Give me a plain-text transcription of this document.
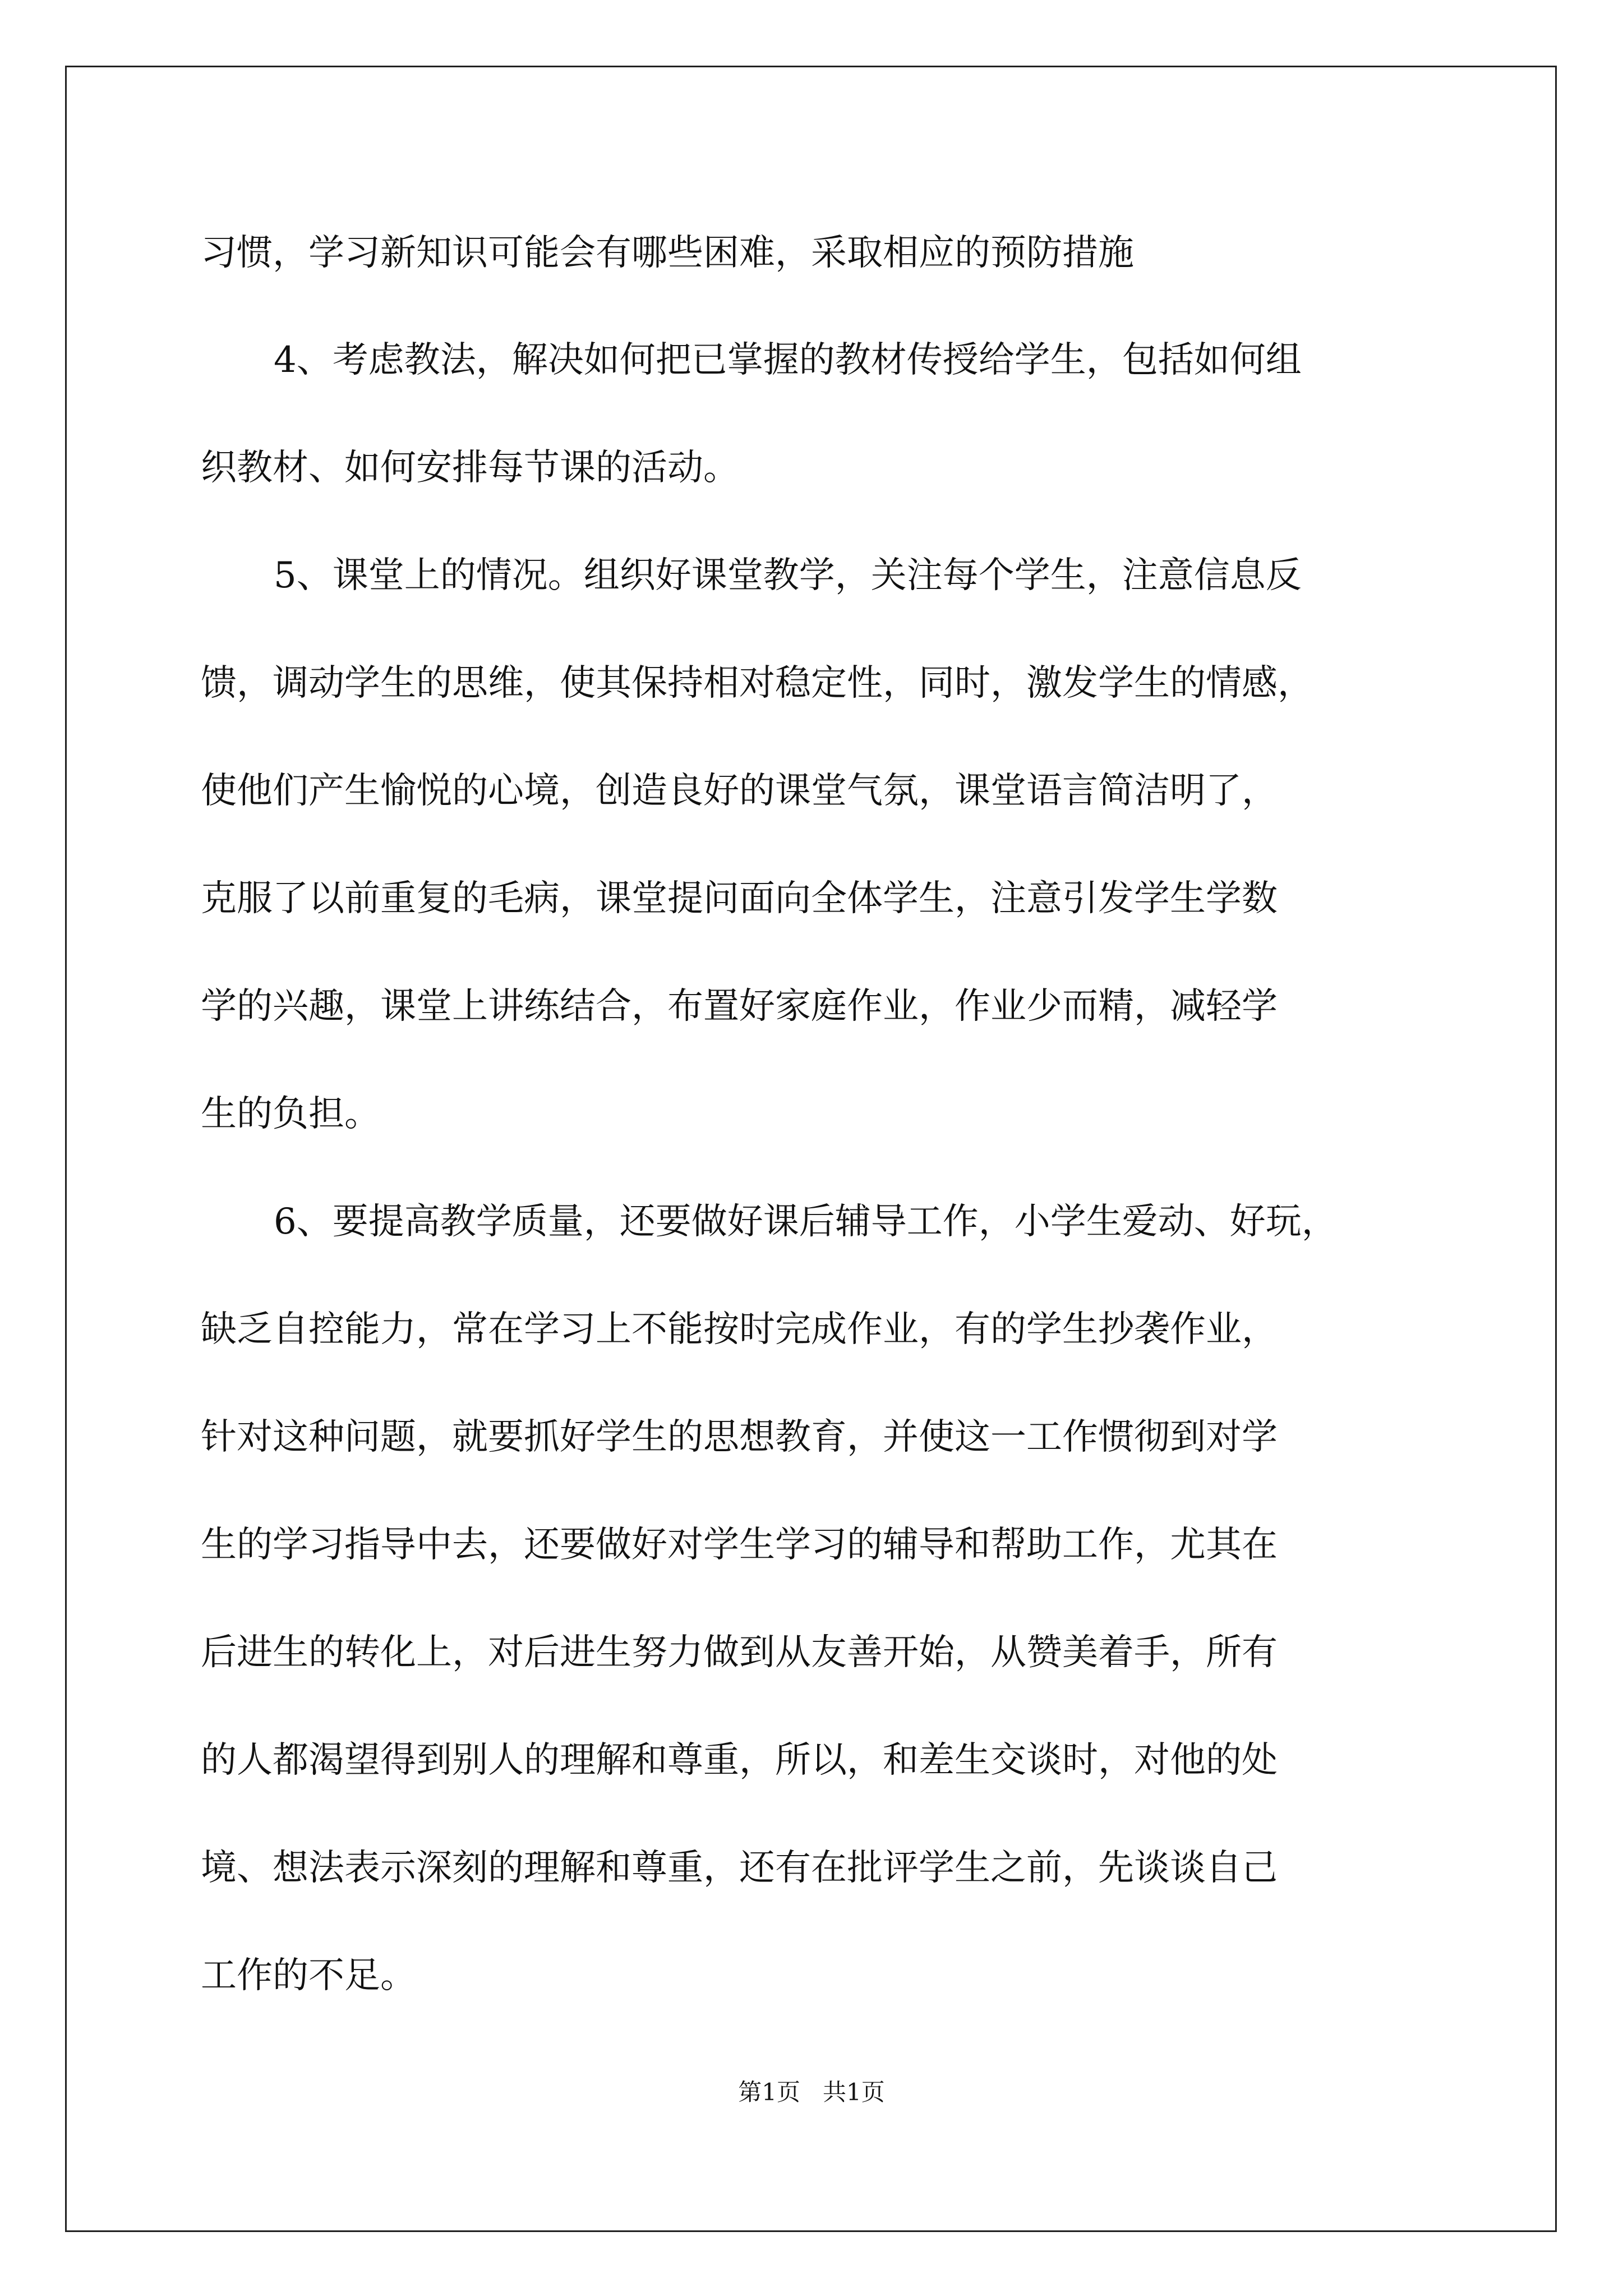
习惯，学习新知识可能会有哪些困难，采取相应的预防措施

4、考虑教法，解决如何把已掌握的教材传授给学生，包括如何组

织教材、如何安排每节课的活动。

5、课堂上的情况。组织好课堂教学，关注每个学生，注意信息反

馈，调动学生的思维，使其保持相对稳定性，同时，激发学生的情感，

使他们产生愉悦的心境，创造良好的课堂气氛，课堂语言简洁明了，

克服了以前重复的毛病，课堂提问面向全体学生，注意引发学生学数

学的兴趣，课堂上讲练结合，布置好家庭作业，作业少而精，减轻学

生的负担。

6、要提高教学质量，还要做好课后辅导工作，小学生爱动、好玩，

缺乏自控能力，常在学习上不能按时完成作业，有的学生抄袭作业，

针对这种问题，就要抓好学生的思想教育，并使这一工作惯彻到对学

生的学习指导中去，还要做好对学生学习的辅导和帮助工作，尤其在

后进生的转化上，对后进生努力做到从友善开始，从赞美着手，所有

的人都渴望得到别人的理解和尊重，所以，和差生交谈时，对他的处

境、想法表示深刻的理解和尊重，还有在批评学生之前，先谈谈自己

工作的不足。

第1页   共1页
